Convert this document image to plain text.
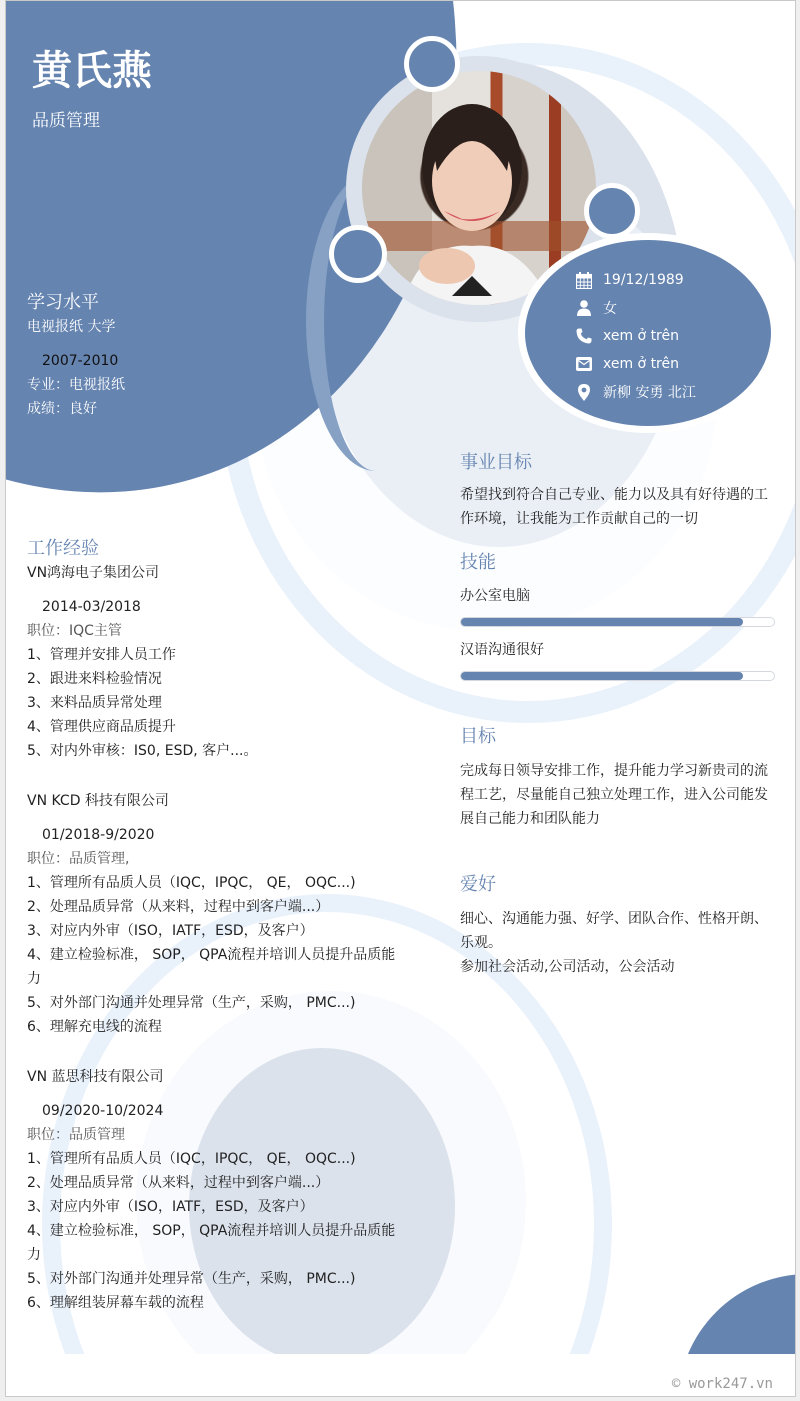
19/12/1989
女
xem ở trên
xem ở trên
新柳 安勇 北江
黄氏燕
品质管理
学习水平
电视报纸 大学
2007-2010
专业：电视报纸
成绩：良好
工作经验
VN鸿海电子集团公司
2014-03/2018
职位：IQC主管
1、管理并安排人员工作
2、跟进来料检验情况
3、来料品质异常处理
4、管理供应商品质提升
5、对内外审核：IS0, ESD, 客户...。
VN KCD 科技有限公司
01/2018-9/2020
职位：品质管理,
1、管理所有品质人员（IQC，IPQC， QE， OQC...)
2、处理品质异常（从来料，过程中到客户端...）
3、对应内外审（ISO，IATF，ESD，及客户）
4、建立检验标准， SOP， QPA流程并培训人员提升品质能
力
5、对外部门沟通并处理异常（生产，采购， PMC...)
6、理解充电线的流程
VN 蓝思科技有限公司
09/2020-10/2024
职位：品质管理
1、管理所有品质人员（IQC，IPQC， QE， OQC...)
2、处理品质异常（从来料，过程中到客户端...）
3、对应内外审（ISO，IATF，ESD，及客户）
4、建立检验标准， SOP， QPA流程并培训人员提升品质能
力
5、对外部门沟通并处理异常（生产，采购， PMC...)
6、理解组装屏幕车载的流程
事业目标
希望找到符合自己专业、能力以及具有好待遇的工
作环境，让我能为工作贡献自己的一切
技能
办公室电脑
汉语沟通很好
目标
完成每日领导安排工作，提升能力学习新贵司的流
程工艺，尽量能自己独立处理工作，进入公司能发
展自己能力和团队能力
爱好
细心、沟通能力强、好学、团队合作、性格开朗、
乐观。
参加社会活动,公司活动，公会活动
© work247.vn
